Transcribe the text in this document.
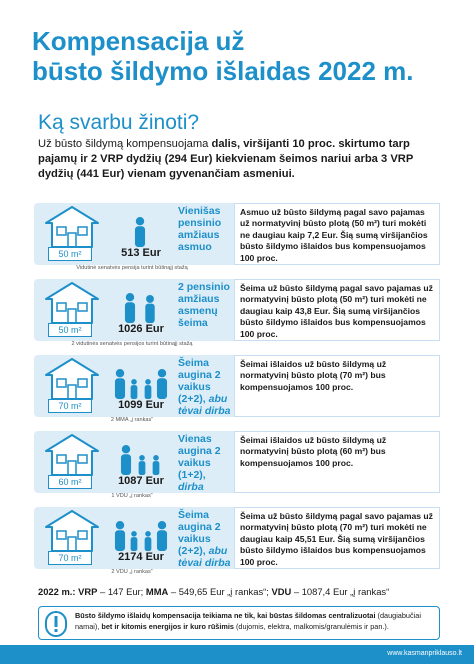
Kompensacija už
būsto šildymo išlaidas 2022 m.
Ką svarbu žinoti?
Už būsto šildymą kompensuojama dalis, viršijanti 10 proc. skirtumo tarp pajamų ir 2 VRP dydžių (294 Eur) kiekvienam šeimos nariui arba 3 VRP dydžių (441 Eur) vienam gyvenančiam asmeniui.
50 m²	513 Eur
Vienišas pensinio amžiaus asmuo
Asmuo už būsto šildymą pagal savo pajamas už normatyvinį būsto plotą (50 m²) turi mokėti ne daugiau kaip 7,2 Eur. Šią sumą viršijančios būsto šildymo išlaidos bus kompensuojamos 100 proc.
Vidutinė senatvės pensija turint būtinąjį stažą
50 m²	1026 Eur
2 pensinio amžiaus asmenų šeima
Šeima už būsto šildymą pagal savo pajamas už normatyvinį būsto plotą (50 m²) turi mokėti ne daugiau kaip 43,8 Eur. Šią sumą viršijančios būsto šildymo išlaidos bus kompensuojamos 100 proc.
2 vidutinės senatvės pensijos turint būtinąjį stažą
70 m²	1099 Eur
Šeima augina 2 vaikus (2+2), abu tėvai dirba
Šeimai išlaidos už būsto šildymą už normatyvinį būsto plotą (70 m²) bus kompensuojamos 100 proc.
2 MMA „į rankas“
60 m²	1087 Eur
Vienas augina 2 vaikus (1+2), dirba
Šeimai išlaidos už būsto šildymą už normatyvinį būsto plotą (60 m²) bus kompensuojamos 100 proc.
1 VDU „į rankas“
70 m²	2174 Eur
Šeima augina 2 vaikus (2+2), abu tėvai dirba
Šeima už būsto šildymą pagal savo pajamas už normatyvinį būsto plotą (70 m²) turi mokėti ne daugiau kaip 45,51 Eur. Šią sumą viršijančios būsto šildymo išlaidos bus kompensuojamos 100 proc.
2 VDU „į rankas“
2022 m.: VRP – 147 Eur; MMA – 549,65 Eur „į rankas“; VDU – 1087,4 Eur „į rankas“
Būsto šildymo išlaidų kompensacija teikiama ne tik, kai būstas šildomas centralizuotai (daugiabučiai namai), bet ir kitomis energijos ir kuro rūšimis (dujomis, elektra, malkomis/granulėmis ir pan.).
www.kasmanpriklauso.lt
